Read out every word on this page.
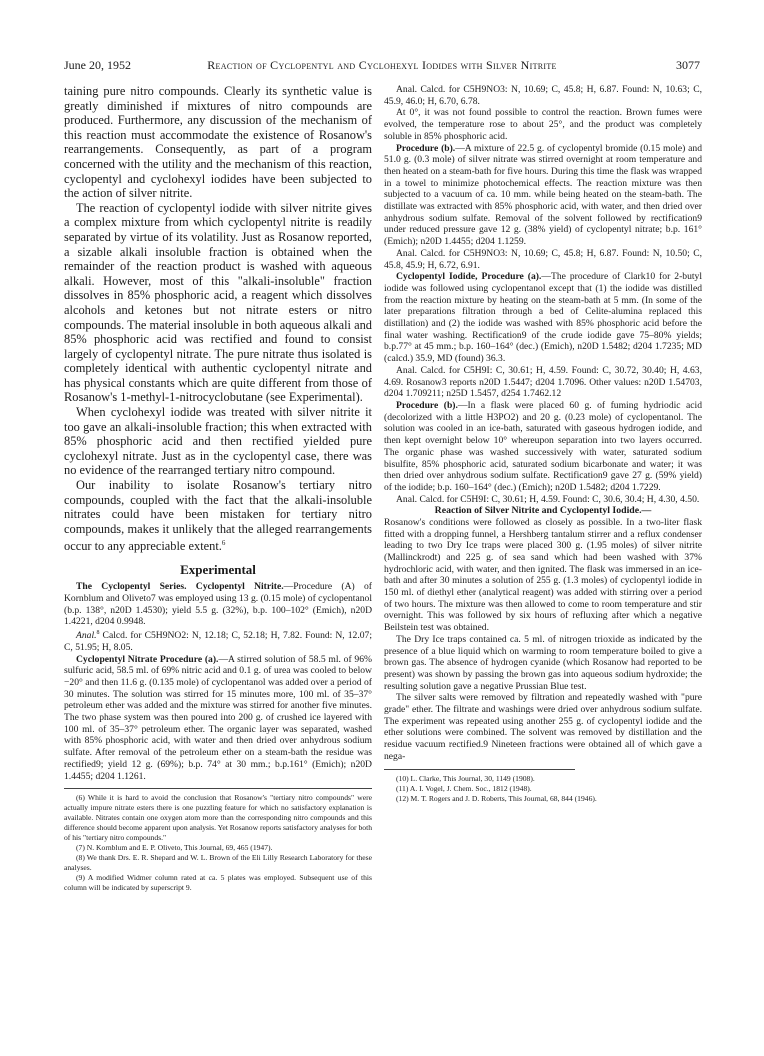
June 20, 1952	Reaction of Cyclopentyl and Cyclohexyl Iodides with Silver Nitrite	3077

taining pure nitro compounds. Clearly its synthetic value is greatly diminished if mixtures of nitro compounds are produced. Furthermore, any discussion of the mechanism of this reaction must accommodate the existence of Rosanow's rearrangements. Consequently, as part of a program concerned with the utility and the mechanism of this reaction, cyclopentyl and cyclohexyl iodides have been subjected to the action of silver nitrite.

The reaction of cyclopentyl iodide with silver nitrite gives a complex mixture from which cyclopentyl nitrite is readily separated by virtue of its volatility. Just as Rosanow reported, a sizable alkali insoluble fraction is obtained when the remainder of the reaction product is washed with aqueous alkali. However, most of this "alkali-insoluble" fraction dissolves in 85% phosphoric acid, a reagent which dissolves alcohols and ketones but not nitrate esters or nitro compounds. The material insoluble in both aqueous alkali and 85% phosphoric acid was rectified and found to consist largely of cyclopentyl nitrate. The pure nitrate thus isolated is completely identical with authentic cyclopentyl nitrate and has physical constants which are quite different from those of Rosanow's 1-methyl-1-nitrocyclobutane (see Experimental).

When cyclohexyl iodide was treated with silver nitrite it too gave an alkali-insoluble fraction; this when extracted with 85% phosphoric acid and then rectified yielded pure cyclohexyl nitrate. Just as in the cyclopentyl case, there was no evidence of the rearranged tertiary nitro compound.

Our inability to isolate Rosanow's tertiary nitro compounds, coupled with the fact that the alkali-insoluble nitrates could have been mistaken for tertiary nitro compounds, makes it unlikely that the alleged rearrangements occur to any appreciable extent.$^6$

Experimental

The Cyclopentyl Series. Cyclopentyl Nitrite.—Procedure (A) of Kornblum and Oliveto7 was employed using 13 g. (0.15 mole) of cyclopentanol (b.p. 138°, n20D 1.4530); yield 5.5 g. (32%), b.p. 100–102° (Emich), n20D 1.4221, d204 0.9948.

Anal.$^8$ Calcd. for C5H9NO2: N, 12.18; C, 52.18; H, 7.82. Found: N, 12.07; C, 51.95; H, 8.05.

Cyclopentyl Nitrate Procedure (a).—A stirred solution of 58.5 ml. of 96% sulfuric acid, 58.5 ml. of 69% nitric acid and 0.1 g. of urea was cooled to below −20° and then 11.6 g. (0.135 mole) of cyclopentanol was added over a period of 30 minutes. The solution was stirred for 15 minutes more, 100 ml. of 35–37° petroleum ether was added and the mixture was stirred for another five minutes. The two phase system was then poured into 200 g. of crushed ice layered with 100 ml. of 35–37° petroleum ether. The organic layer was separated, washed with 85% phosphoric acid, with water and then dried over anhydrous sodium sulfate. After removal of the petroleum ether on a steam-bath the residue was rectified9; yield 12 g. (69%); b.p. 74° at 30 mm.; b.p.161° (Emich); n20D 1.4455; d204 1.1261.

(6) While it is hard to avoid the conclusion that Rosanow's "tertiary nitro compounds" were actually impure nitrate esters there is one puzzling feature for which no satisfactory explanation is available. Nitrates contain one oxygen atom more than the corresponding nitro compounds and this difference should become apparent upon analysis. Yet Rosanow reports satisfactory analyses for both of his "tertiary nitro compounds."

(7) N. Kornblum and E. P. Oliveto, This Journal, 69, 465 (1947).

(8) We thank Drs. E. R. Shepard and W. L. Brown of the Eli Lilly Research Laboratory for these analyses.

(9) A modified Widmer column rated at ca. 5 plates was employed. Subsequent use of this column will be indicated by superscript 9.

Anal. Calcd. for C5H9NO3: N, 10.69; C, 45.8; H, 6.87. Found: N, 10.63; C, 45.9, 46.0; H, 6.70, 6.78.

At 0°, it was not found possible to control the reaction. Brown fumes were evolved, the temperature rose to about 25°, and the product was completely soluble in 85% phosphoric acid.

Procedure (b).—A mixture of 22.5 g. of cyclopentyl bromide (0.15 mole) and 51.0 g. (0.3 mole) of silver nitrate was stirred overnight at room temperature and then heated on a steam-bath for five hours. During this time the flask was wrapped in a towel to minimize photochemical effects. The reaction mixture was then subjected to a vacuum of ca. 10 mm. while being heated on the steam-bath. The distillate was extracted with 85% phosphoric acid, with water, and then dried over anhydrous sodium sulfate. Removal of the solvent followed by rectification9 under reduced pressure gave 12 g. (38% yield) of cyclopentyl nitrate; b.p. 161° (Emich); n20D 1.4455; d204 1.1259.

Anal. Calcd. for C5H9NO3: N, 10.69; C, 45.8; H, 6.87. Found: N, 10.50; C, 45.8, 45.9; H, 6.72, 6.91.

Cyclopentyl Iodide, Procedure (a).—The procedure of Clark10 for 2-butyl iodide was followed using cyclopentanol except that (1) the iodide was distilled from the reaction mixture by heating on the steam-bath at 5 mm. (In some of the later preparations filtration through a bed of Celite-alumina replaced this distillation) and (2) the iodide was washed with 85% phosphoric acid before the final water washing. Rectification9 of the crude iodide gave 75–80% yields; b.p.77° at 45 mm.; b.p. 160–164° (dec.) (Emich), n20D 1.5482; d204 1.7235; MD (calcd.) 35.9, MD (found) 36.3.

Anal. Calcd. for C5H9I: C, 30.61; H, 4.59. Found: C, 30.72, 30.40; H, 4.63, 4.69. Rosanow3 reports n20D 1.5447; d204 1.7096. Other values: n20D 1.54703, d204 1.709211; n25D 1.5457, d254 1.7462.12

Procedure (b).—In a flask were placed 60 g. of fuming hydriodic acid (decolorized with a little H3PO2) and 20 g. (0.23 mole) of cyclopentanol. The solution was cooled in an ice-bath, saturated with gaseous hydrogen iodide, and then kept overnight below 10° whereupon separation into two layers occurred. The organic phase was washed successively with water, saturated sodium bisulfite, 85% phosphoric acid, saturated sodium bicarbonate and water; it was then dried over anhydrous sodium sulfate. Rectification9 gave 27 g. (59% yield) of the iodide; b.p. 160–164° (dec.) (Emich); n20D 1.5482; d204 1.7229.

Anal. Calcd. for C5H9I: C, 30.61; H, 4.59. Found: C, 30.6, 30.4; H, 4.30, 4.50.

Reaction of Silver Nitrite and Cyclopentyl Iodide.—

Rosanow's conditions were followed as closely as possible. In a two-liter flask fitted with a dropping funnel, a Hershberg tantalum stirrer and a reflux condenser leading to two Dry Ice traps were placed 300 g. (1.95 moles) of silver nitrite (Mallinckrodt) and 225 g. of sea sand which had been washed with 37% hydrochloric acid, with water, and then ignited. The flask was immersed in an ice-bath and after 30 minutes a solution of 255 g. (1.3 moles) of cyclopentyl iodide in 150 ml. of diethyl ether (analytical reagent) was added with stirring over a period of two hours. The mixture was then allowed to come to room temperature and stir overnight. This was followed by six hours of refluxing after which a negative Beilstein test was obtained.

The Dry Ice traps contained ca. 5 ml. of nitrogen trioxide as indicated by the presence of a blue liquid which on warming to room temperature boiled to give a brown gas. The absence of hydrogen cyanide (which Rosanow had reported to be present) was shown by passing the brown gas into aqueous sodium hydroxide; the resulting solution gave a negative Prussian Blue test.

The silver salts were removed by filtration and repeatedly washed with "pure grade" ether. The filtrate and washings were dried over anhydrous sodium sulfate. The experiment was repeated using another 255 g. of cyclopentyl iodide and the ether solutions were combined. The solvent was removed by distillation and the residue vacuum rectified.9 Nineteen fractions were obtained all of which gave a nega-

(10) L. Clarke, This Journal, 30, 1149 (1908).

(11) A. I. Vogel, J. Chem. Soc., 1812 (1948).

(12) M. T. Rogers and J. D. Roberts, This Journal, 68, 844 (1946).
